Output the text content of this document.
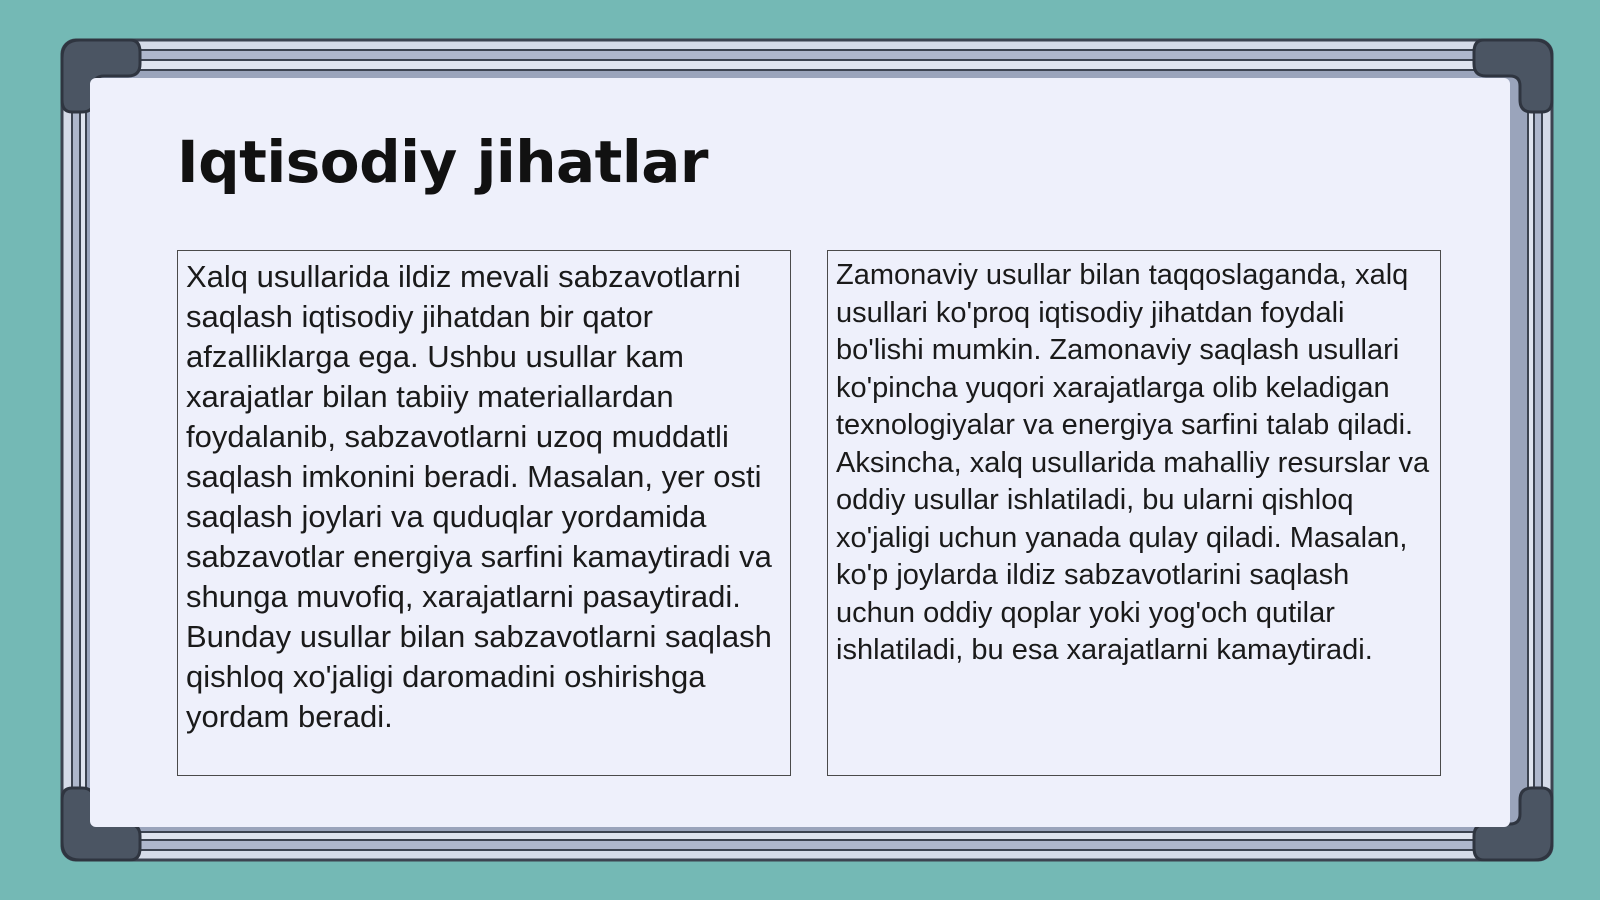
Iqtisodiy jihatlar

Xalq usullarida ildiz mevali sabzavotlarni saqlash iqtisodiy jihatdan bir qator afzalliklarga ega. Ushbu usullar kam xarajatlar bilan tabiiy materiallardan foydalanib, sabzavotlarni uzoq muddatli saqlash imkonini beradi. Masalan, yer osti saqlash joylari va quduqlar yordamida sabzavotlar energiya sarfini kamaytiradi va shunga muvofiq, xarajatlarni pasaytiradi. Bunday usullar bilan sabzavotlarni saqlash qishloq xo'jaligi daromadini oshirishga yordam beradi.

Zamonaviy usullar bilan taqqoslaganda, xalq usullari ko'proq iqtisodiy jihatdan foydali bo'lishi mumkin. Zamonaviy saqlash usullari ko'pincha yuqori xarajatlarga olib keladigan texnologiyalar va energiya sarfini talab qiladi. Aksincha, xalq usullarida mahalliy resurslar va oddiy usullar ishlatiladi, bu ularni qishloq xo'jaligi uchun yanada qulay qiladi. Masalan, ko'p joylarda ildiz sabzavotlarini saqlash uchun oddiy qoplar yoki yog'och qutilar ishlatiladi, bu esa xarajatlarni kamaytiradi.
